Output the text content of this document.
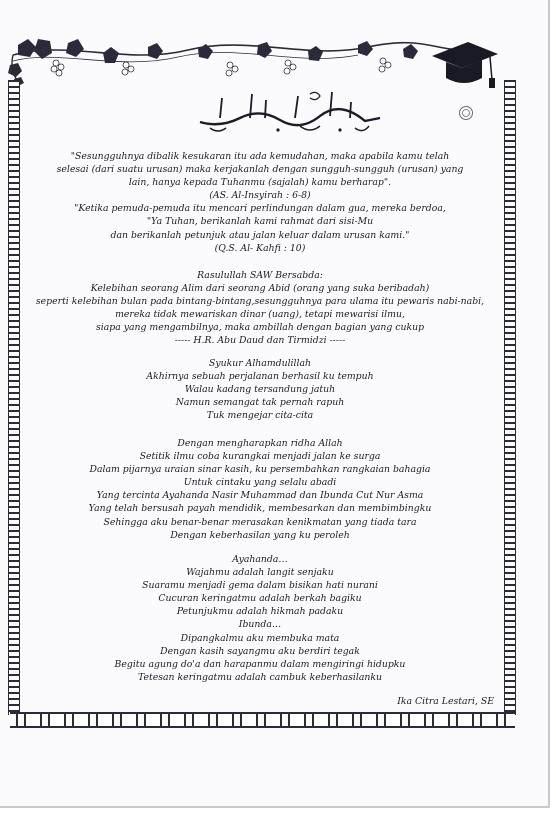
"Sesungguhnya dibalik kesukaran itu ada kemudahan, maka apabila kamu telah
selesai (dari suatu urusan) maka kerjakanlah dengan sungguh-sungguh (urusan) yang
lain, hanya kepada Tuhanmu (sajalah) kamu berharap".
(AS. Al-Insyirah : 6-8)
"Ketika pemuda-pemuda itu mencari perlindungan dalam gua, mereka berdoa,
"Ya Tuhan, berikanlah kami rahmat dari sisi-Mu
dan berikanlah petunjuk atau jalan keluar dalam urusan kami."
(Q.S. Al- Kahfi : 10)
Rasulullah SAW Bersabda:
Kelebihan seorang Alim dari seorang Abid (orang yang suka beribadah)
seperti kelebihan bulan pada bintang-bintang,sesungguhnya para ulama itu pewaris nabi-nabi,
mereka tidak mewariskan dinar (uang), tetapi mewarisi ilmu,
siapa yang mengambilnya, maka ambillah dengan bagian yang cukup
----- H.R. Abu Daud dan Tirmidzi -----
Syukur Alhamdulillah
Akhirnya sebuah perjalanan berhasil ku tempuh
Walau kadang tersandung jatuh
Namun semangat tak pernah rapuh
Tuk mengejar cita-cita
Dengan mengharapkan ridha Allah
Setitik ilmu coba kurangkai menjadi jalan ke surga
Dalam pijarnya uraian sinar kasih, ku persembahkan rangkaian bahagia
Untuk cintaku yang selalu abadi
Yang tercinta Ayahanda Nasir Muhammad dan Ibunda Cut Nur Asma
Yang telah bersusah payah mendidik, membesarkan dan membimbingku
Sehingga aku benar-benar merasakan kenikmatan yang tiada tara
Dengan keberhasilan yang ku peroleh
Ayahanda…
Wajahmu adalah langit senjaku
Suaramu menjadi gema dalam bisikan hati nurani
Cucuran keringatmu adalah berkah bagiku
Petunjukmu adalah hikmah padaku
Ibunda…
Dipangkalmu aku membuka mata
Dengan kasih sayangmu aku berdiri tegak
Begitu agung do'a dan harapanmu dalam mengiringi hidupku
Tetesan keringatmu adalah cambuk keberhasilanku
Ika Citra Lestari, SE
